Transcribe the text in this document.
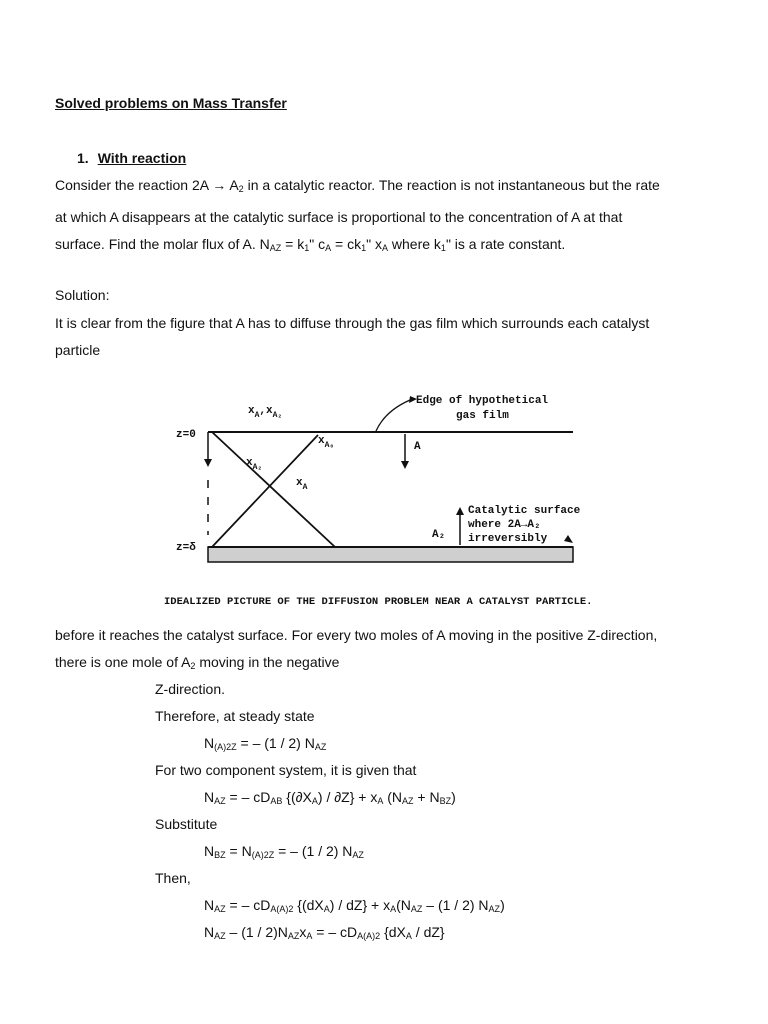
Solved problems on Mass Transfer
1. With reaction
Consider the reaction $2A \to A_2$ in a catalytic reactor. The reaction is not instantaneous but the rate
at which A disappears at the catalytic surface is proportional to the concentration of A at that
surface. Find the molar flux of A. $N_{AZ} = k_1$" $c_A = ck_1$" $x_A$ where $k_1$" is a rate constant.
Solution:
It is clear from the figure that A has to diffuse through the gas film which surrounds each catalyst
particle
z=0
z=δ
Edge of hypothetical
gas film
Catalytic surface
where 2A→A₂
irreversibly
$x_A,x_{A_2}$
$x_{A_0}$
$x_{A_2}$
$x_A$
A
A₂
IDEALIZED PICTURE OF THE DIFFUSION PROBLEM NEAR A CATALYST PARTICLE.
before it reaches the catalyst surface. For every two moles of A moving in the positive Z-direction,
there is one mole of $A_2$ moving in the negative
Z-direction.
Therefore, at steady state
$N_{(A)2Z}$ = – (1 / 2) $N_{AZ}$
For two component system, it is given that
$N_{AZ}$ = – $cD_{AB}$ $\{(\partial X_A) / \partial Z\} + x_A$ $(N_{AZ} + N_{BZ})$
Substitute
$N_{BZ} = N_{(A)2Z}$ = – (1 / 2) $N_{AZ}$
Then,
$N_{AZ}$ = – $cD_{A(A)2}$ $\{(dX_A) / dZ\} + x_A(N_{AZ} - (1 / 2)$ $N_{AZ}$)
$N_{AZ} - (1 / 2)N_{AZ}x_A$ = – $cD_{A(A)2}$ $\{dX_A / dZ\}$
